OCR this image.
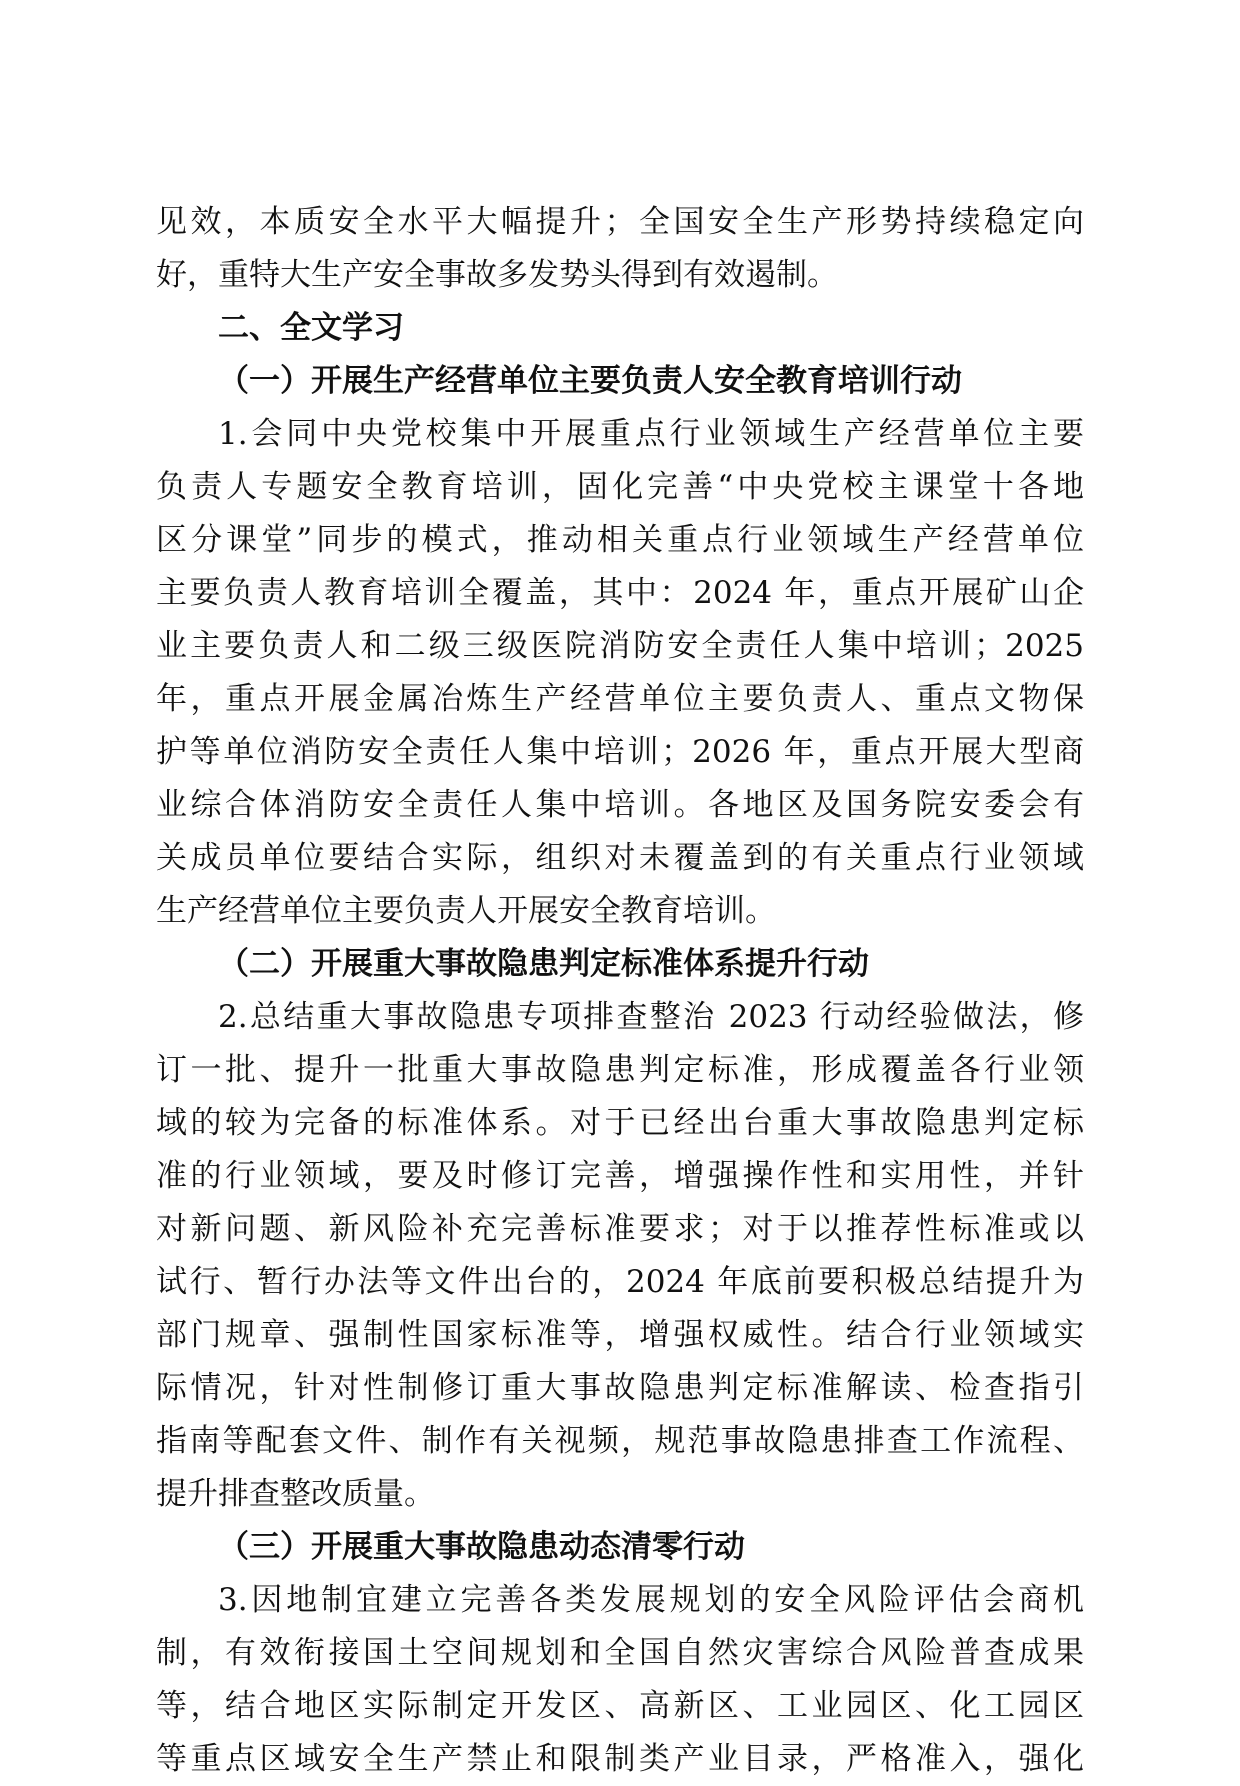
见效，本质安全水平大幅提升；全国安全生产形势持续稳定向
好，重特大生产安全事故多发势头得到有效遏制。
二、全文学习
（一）开展生产经营单位主要负责人安全教育培训行动
1.会同中央党校集中开展重点行业领域生产经营单位主要
负责人专题安全教育培训，固化完善“中央党校主课堂十各地
区分课堂”同步的模式，推动相关重点行业领域生产经营单位
主要负责人教育培训全覆盖，其中：2024 年，重点开展矿山企
业主要负责人和二级三级医院消防安全责任人集中培训；2025
年，重点开展金属冶炼生产经营单位主要负责人、重点文物保
护等单位消防安全责任人集中培训；2026 年，重点开展大型商
业综合体消防安全责任人集中培训。各地区及国务院安委会有
关成员单位要结合实际，组织对未覆盖到的有关重点行业领域
生产经营单位主要负责人开展安全教育培训。
（二）开展重大事故隐患判定标准体系提升行动
2.总结重大事故隐患专项排查整治 2023 行动经验做法，修
订一批、提升一批重大事故隐患判定标准，形成覆盖各行业领
域的较为完备的标准体系。对于已经出台重大事故隐患判定标
准的行业领域，要及时修订完善，增强操作性和实用性，并针
对新问题、新风险补充完善标准要求；对于以推荐性标准或以
试行、暂行办法等文件出台的，2024 年底前要积极总结提升为
部门规章、强制性国家标准等，增强权威性。结合行业领域实
际情况，针对性制修订重大事故隐患判定标准解读、检查指引
指南等配套文件、制作有关视频，规范事故隐患排查工作流程、
提升排查整改质量。
（三）开展重大事故隐患动态清零行动
3.因地制宜建立完善各类发展规划的安全风险评估会商机
制，有效衔接国土空间规划和全国自然灾害综合风险普查成果
等，结合地区实际制定开发区、高新区、工业园区、化工园区
等重点区域安全生产禁止和限制类产业目录，严格准入，强化
